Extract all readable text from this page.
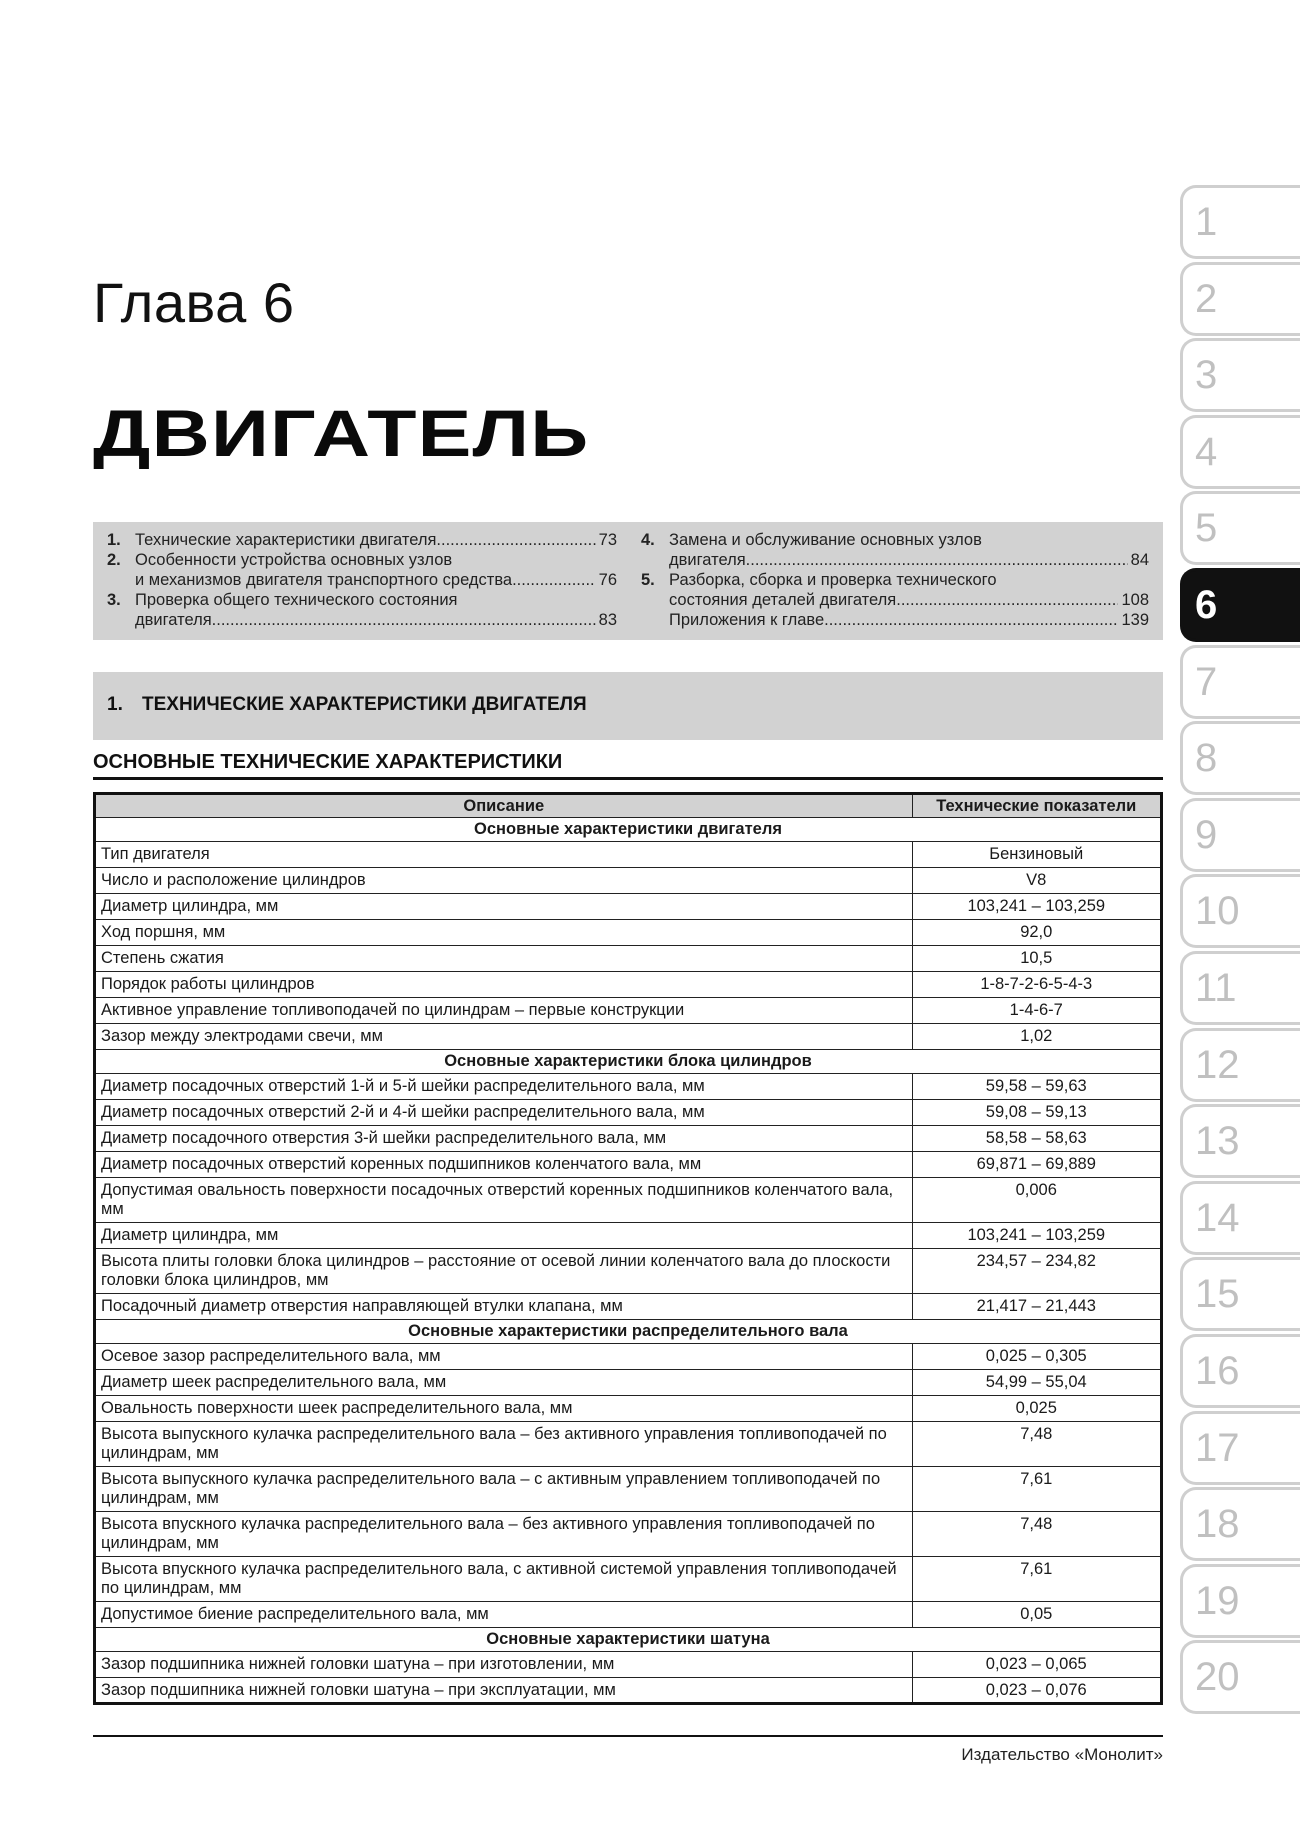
Глава 6
ДВИГАТЕЛЬ
1. Технические характеристики двигателя .....	73
2. Особенности устройства основных узлов
и механизмов двигателя транспортного средства .....	76
3. Проверка общего технического состояния
двигателя .....	83
4. Замена и обслуживание основных узлов
двигателя .....	84
5. Разборка, сборка и проверка технического
состояния деталей двигателя .....	108
Приложения к главе .....	139
1. ТЕХНИЧЕСКИЕ ХАРАКТЕРИСТИКИ ДВИГАТЕЛЯ
ОСНОВНЫЕ ТЕХНИЧЕСКИЕ ХАРАКТЕРИСТИКИ
Описание	Технические показатели
Основные характеристики двигателя	
Тип двигателя	Бензиновый
Число и расположение цилиндров	V8
Диаметр цилиндра, мм	103,241 – 103,259
Ход поршня, мм	92,0
Степень сжатия	10,5
Порядок работы цилиндров	1-8-7-2-6-5-4-3
Активное управление топливоподачей по цилиндрам – первые конструкции	1-4-6-7
Зазор между электродами свечи, мм	1,02
Основные характеристики блока цилиндров	
Диаметр посадочных отверстий 1-й и 5-й шейки распределительного вала, мм	59,58 – 59,63
Диаметр посадочных отверстий 2-й и 4-й шейки распределительного вала, мм	59,08 – 59,13
Диаметр посадочного отверстия 3-й шейки распределительного вала, мм	58,58 – 58,63
Диаметр посадочных отверстий коренных подшипников коленчатого вала, мм	69,871 – 69,889
Допустимая овальность поверхности посадочных отверстий коренных подшипников коленчатого вала, мм	0,006
Диаметр цилиндра, мм	103,241 – 103,259
Высота плиты головки блока цилиндров – расстояние от осевой линии коленчатого вала до плоскости головки блока цилиндров, мм	234,57 – 234,82
Посадочный диаметр отверстия направляющей втулки клапана, мм	21,417 – 21,443
Основные характеристики распределительного вала	
Осевое зазор распределительного вала, мм	0,025 – 0,305
Диаметр шеек распределительного вала, мм	54,99 – 55,04
Овальность поверхности шеек распределительного вала, мм	0,025
Высота выпускного кулачка распределительного вала – без активного управления топливоподачей по цилиндрам, мм	7,48
Высота выпускного кулачка распределительного вала – с активным управлением топливоподачей по цилиндрам, мм	7,61
Высота впускного кулачка распределительного вала – без активного управления топливоподачей по цилиндрам, мм	7,48
Высота впускного кулачка распределительного вала, с активной системой управления топливоподачей по цилиндрам, мм	7,61
Допустимое биение распределительного вала, мм	0,05
Основные характеристики шатуна	
Зазор подшипника нижней головки шатуна – при изготовлении, мм	0,023 – 0,065
Зазор подшипника нижней головки шатуна – при эксплуатации, мм	0,023 – 0,076
Издательство «Монолит»
1
2
3
4
5
6
7
8
9
10
11
12
13
14
15
16
17
18
19
20
